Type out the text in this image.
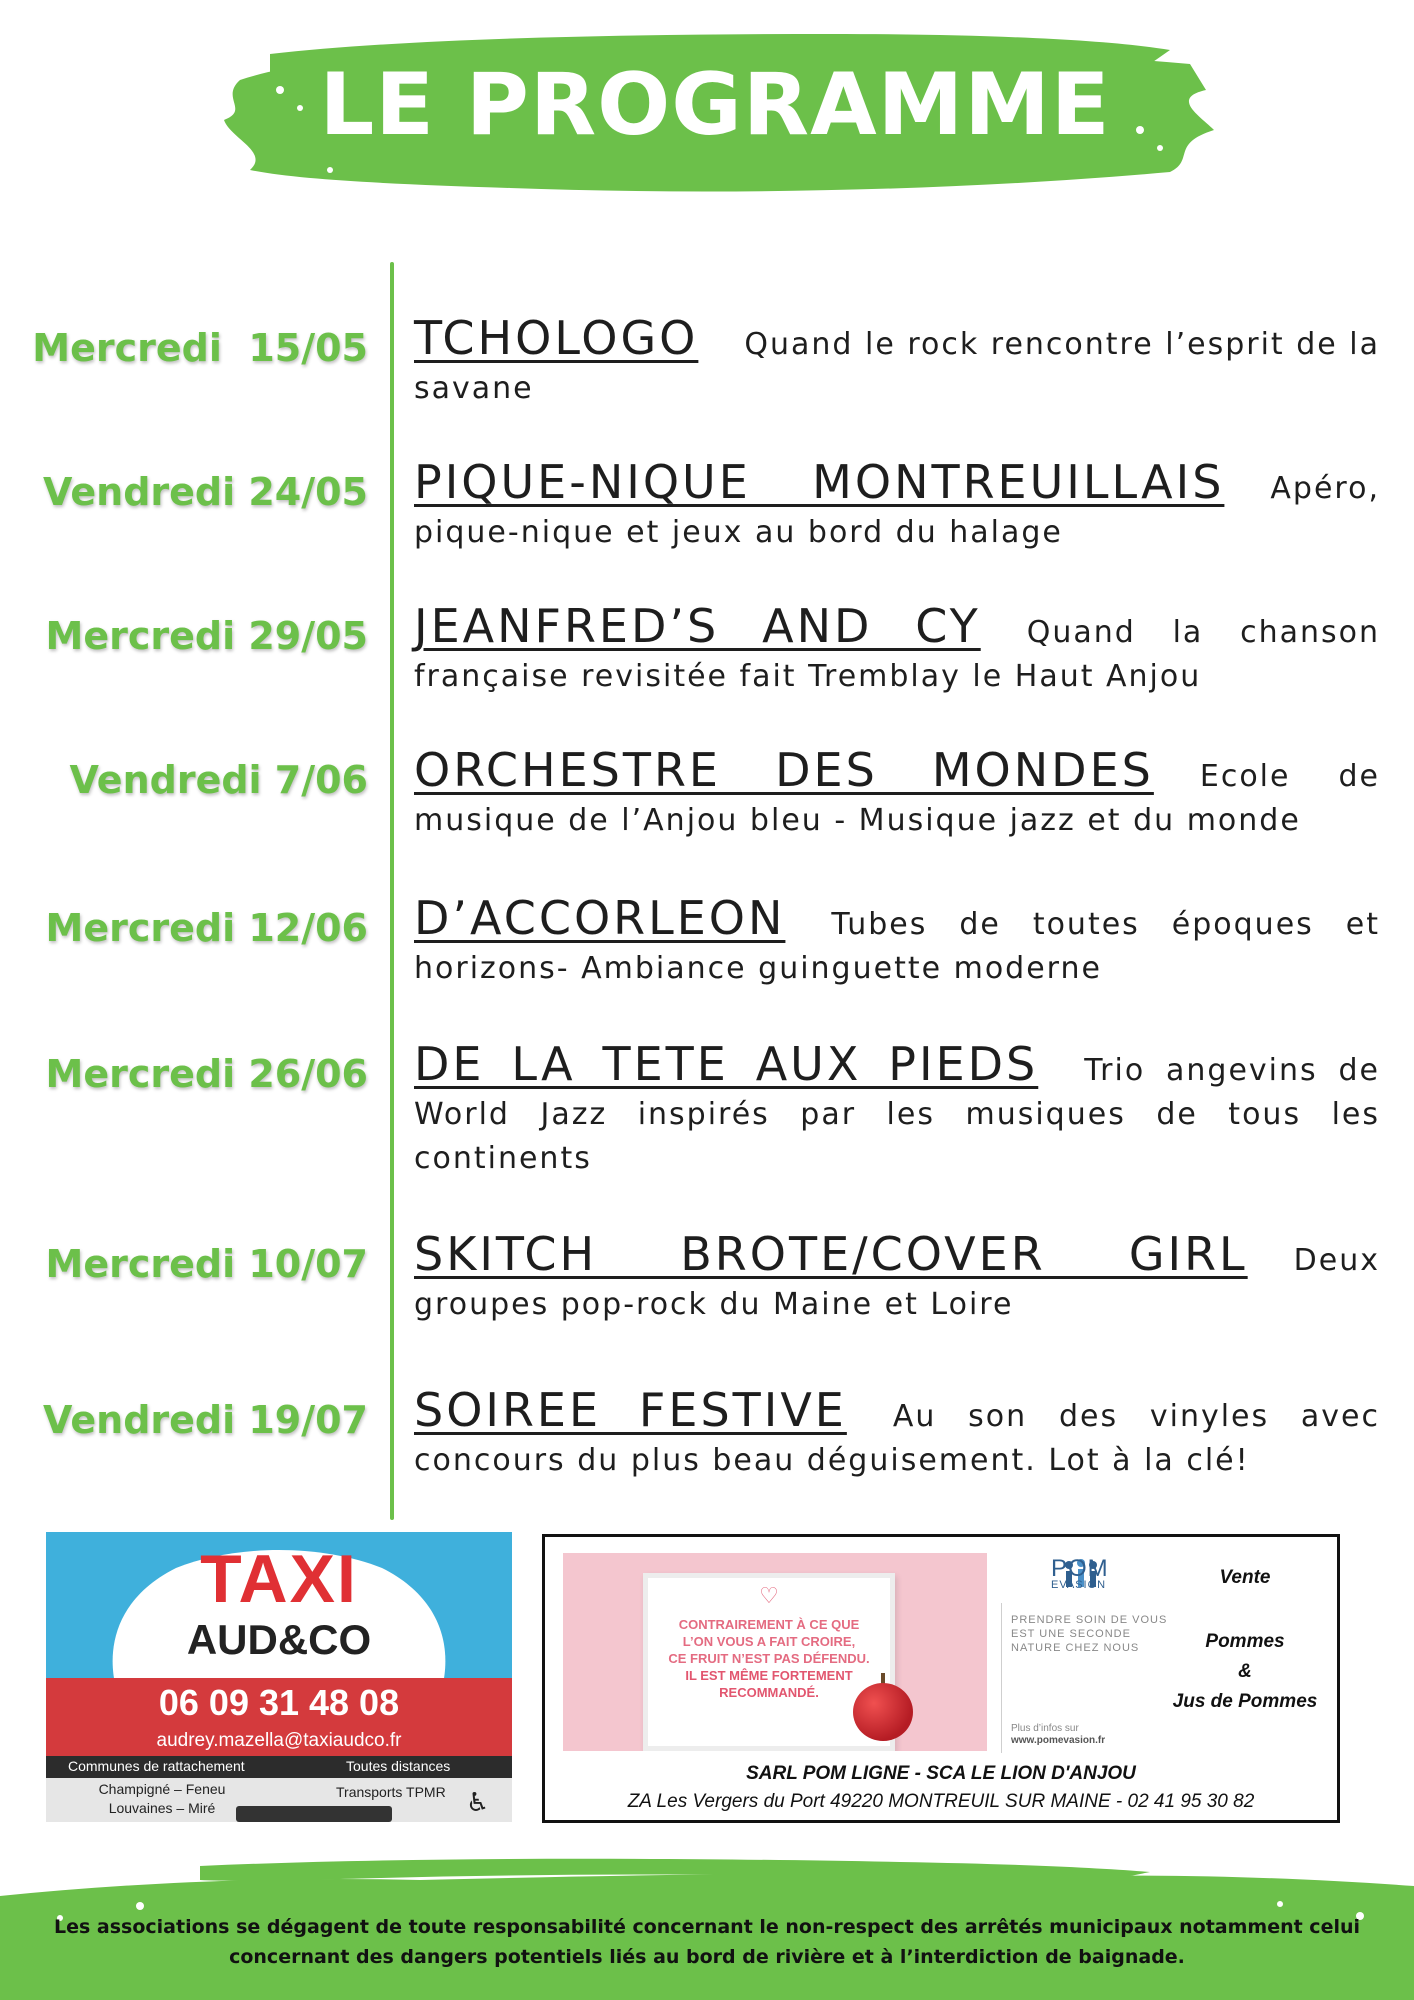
LE PROGRAMME
Mercredi  15/05 TCHOLOGO Quand le rock rencontre l’esprit de la savane
Vendredi 24/05 PIQUE-NIQUE MONTREUILLAIS Apéro, pique-nique et jeux au bord du halage
Mercredi 29/05 JEANFRED’S AND CY Quand la chanson française revisitée fait Tremblay le Haut Anjou
Vendredi 7/06 ORCHESTRE DES MONDES Ecole de musique de l’Anjou bleu - Musique jazz et du monde
Mercredi 12/06 D’ACCORLEON Tubes de toutes époques et horizons- Ambiance guinguette moderne
Mercredi 26/06 DE LA TETE AUX PIEDS Trio angevins de World Jazz inspirés par les musiques de tous les continents
Mercredi 10/07 SKITCH BROTE/COVER GIRL Deux groupes pop-rock du Maine et Loire
Vendredi 19/07 SOIREE FESTIVE Au son des vinyles avec concours du plus beau déguisement. Lot à la clé!
TAXI
AUD&CO
06 09 31 48 08
audrey.mazella@taxiaudco.fr
Communes de rattachement	Toutes distances
Champigné – Feneu
Louvaines – Miré
Transports TPMR ♿
♡
CONTRAIREMENT À CE QUE
L’ON VOUS A FAIT CROIRE,
CE FRUIT N’EST PAS DÉFENDU.
IL EST MÊME FORTEMENT
RECOMMANDÉ.
POM
EVASION
PRENDRE SOIN DE VOUS
EST UNE SECONDE
NATURE CHEZ NOUS
Plus d’infos sur
www.pomevasion.fr
Vente
Pommes
&
Jus de Pommes
SARL POM LIGNE - SCA LE LION D'ANJOU
ZA Les Vergers du Port 49220 MONTREUIL SUR MAINE - 02 41 95 30 82
Les associations se dégagent de toute responsabilité concernant le non-respect des arrêtés municipaux notamment celui
concernant des dangers potentiels liés au bord de rivière et à l’interdiction de baignade.
